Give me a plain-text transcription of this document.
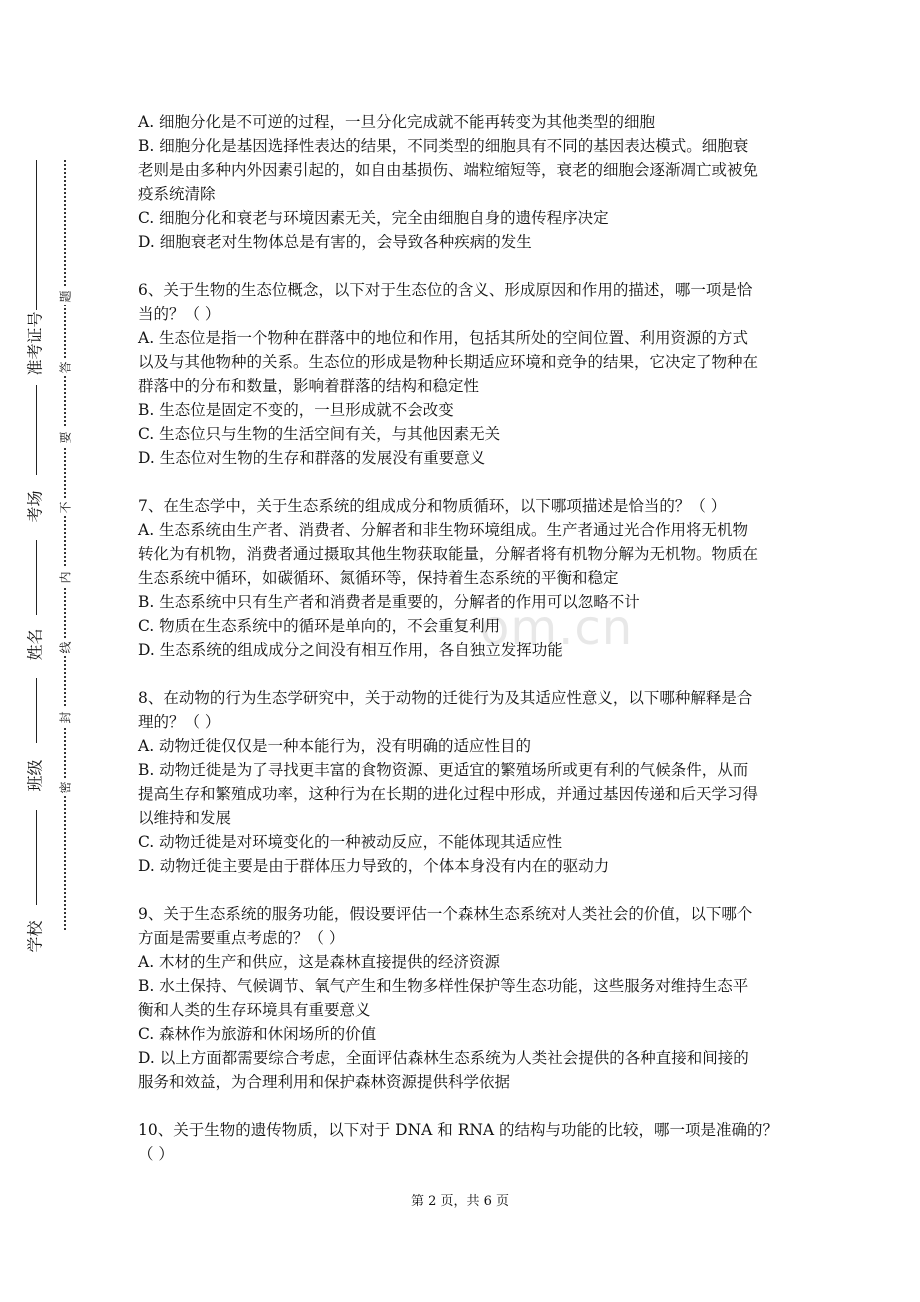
准考证号
考场
姓名
班级
学校
题
答
要
不
内
线
封
密
om.cn
A. 细胞分化是不可逆的过程，一旦分化完成就不能再转变为其他类型的细胞
B. 细胞分化是基因选择性表达的结果，不同类型的细胞具有不同的基因表达模式。细胞衰
老则是由多种内外因素引起的，如自由基损伤、端粒缩短等，衰老的细胞会逐渐凋亡或被免
疫系统清除
C. 细胞分化和衰老与环境因素无关，完全由细胞自身的遗传程序决定
D. 细胞衰老对生物体总是有害的，会导致各种疾病的发生
6、关于生物的生态位概念，以下对于生态位的含义、形成原因和作用的描述，哪一项是恰
当的？（ ）
A. 生态位是指一个物种在群落中的地位和作用，包括其所处的空间位置、利用资源的方式
以及与其他物种的关系。生态位的形成是物种长期适应环境和竞争的结果，它决定了物种在
群落中的分布和数量，影响着群落的结构和稳定性
B. 生态位是固定不变的，一旦形成就不会改变
C. 生态位只与生物的生活空间有关，与其他因素无关
D. 生态位对生物的生存和群落的发展没有重要意义
7、在生态学中，关于生态系统的组成成分和物质循环，以下哪项描述是恰当的？（ ）
A. 生态系统由生产者、消费者、分解者和非生物环境组成。生产者通过光合作用将无机物
转化为有机物，消费者通过摄取其他生物获取能量，分解者将有机物分解为无机物。物质在
生态系统中循环，如碳循环、氮循环等，保持着生态系统的平衡和稳定
B. 生态系统中只有生产者和消费者是重要的，分解者的作用可以忽略不计
C. 物质在生态系统中的循环是单向的，不会重复利用
D. 生态系统的组成成分之间没有相互作用，各自独立发挥功能
8、在动物的行为生态学研究中，关于动物的迁徙行为及其适应性意义，以下哪种解释是合
理的？（ ）
A. 动物迁徙仅仅是一种本能行为，没有明确的适应性目的
B. 动物迁徙是为了寻找更丰富的食物资源、更适宜的繁殖场所或更有利的气候条件，从而
提高生存和繁殖成功率，这种行为在长期的进化过程中形成，并通过基因传递和后天学习得
以维持和发展
C. 动物迁徙是对环境变化的一种被动反应，不能体现其适应性
D. 动物迁徙主要是由于群体压力导致的，个体本身没有内在的驱动力
9、关于生态系统的服务功能，假设要评估一个森林生态系统对人类社会的价值，以下哪个
方面是需要重点考虑的？（ ）
A. 木材的生产和供应，这是森林直接提供的经济资源
B. 水土保持、气候调节、氧气产生和生物多样性保护等生态功能，这些服务对维持生态平
衡和人类的生存环境具有重要意义
C. 森林作为旅游和休闲场所的价值
D. 以上方面都需要综合考虑，全面评估森林生态系统为人类社会提供的各种直接和间接的
服务和效益，为合理利用和保护森林资源提供科学依据
10、关于生物的遗传物质，以下对于 DNA 和 RNA 的结构与功能的比较，哪一项是准确的？
（ ）
第 2 页，共 6 页
